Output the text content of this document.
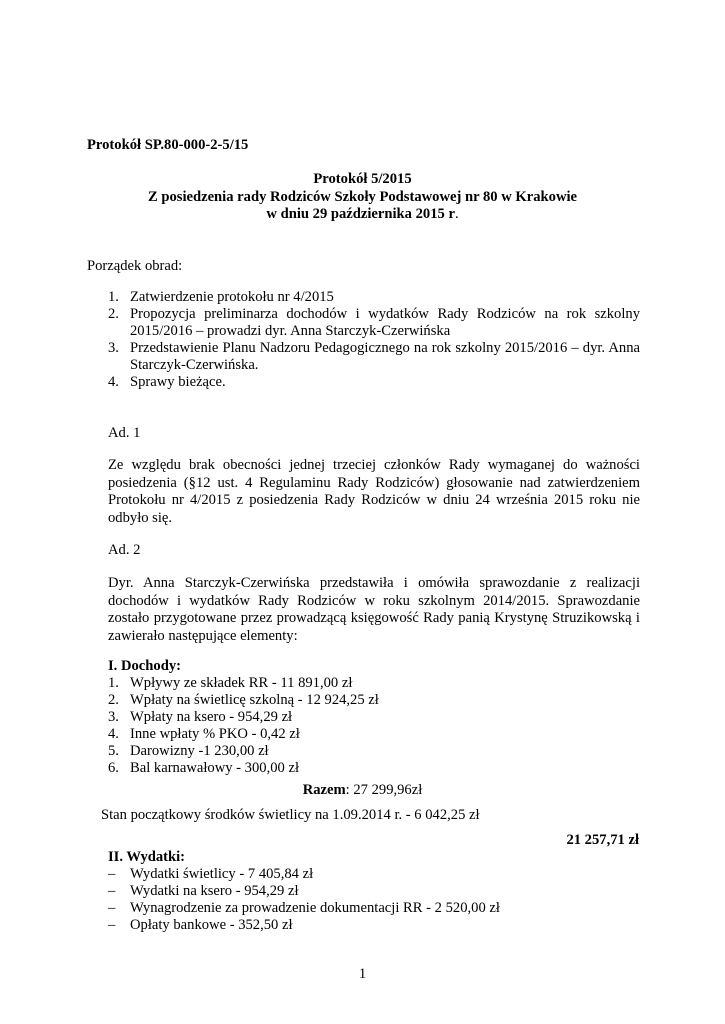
Protokół SP.80-000-2-5/15
Protokół 5/2015
Z posiedzenia rady Rodziców Szkoły Podstawowej nr 80 w Krakowie
w dniu 29 października 2015 r.
Porządek obrad:
1. Zatwierdzenie protokołu nr 4/2015
2. Propozycja preliminarza dochodów i wydatków Rady Rodziców na rok szkolny
2015/2016 – prowadzi dyr. Anna Starczyk-Czerwińska
3. Przedstawienie Planu Nadzoru Pedagogicznego na rok szkolny 2015/2016 – dyr. Anna
Starczyk-Czerwińska.
4. Sprawy bieżące.
Ad. 1
Ze względu brak obecności jednej trzeciej członków Rady wymaganej do ważności
posiedzenia (§12 ust. 4 Regulaminu Rady Rodziców) głosowanie nad zatwierdzeniem
Protokołu nr 4/2015 z posiedzenia Rady Rodziców w dniu 24 września 2015 roku nie
odbyło się.
Ad. 2
Dyr. Anna Starczyk-Czerwińska przedstawiła i omówiła sprawozdanie z realizacji
dochodów i wydatków Rady Rodziców w roku szkolnym 2014/2015. Sprawozdanie
zostało przygotowane przez prowadzącą księgowość Rady panią Krystynę Struzikowską i
zawierało następujące elementy:
I. Dochody:
1. Wpływy ze składek RR - 11 891,00 zł
2. Wpłaty na świetlicę szkolną - 12 924,25 zł
3. Wpłaty na ksero - 954,29 zł
4. Inne wpłaty % PKO - 0,42 zł
5. Darowizny -1 230,00 zł
6. Bal karnawałowy - 300,00 zł
Razem: 27 299,96zł
Stan początkowy środków świetlicy na 1.09.2014 r. - 6 042,25 zł
21 257,71 zł
II. Wydatki:
– Wydatki świetlicy - 7 405,84 zł
– Wydatki na ksero - 954,29 zł
– Wynagrodzenie za prowadzenie dokumentacji RR - 2 520,00 zł
– Opłaty bankowe - 352,50 zł
1
